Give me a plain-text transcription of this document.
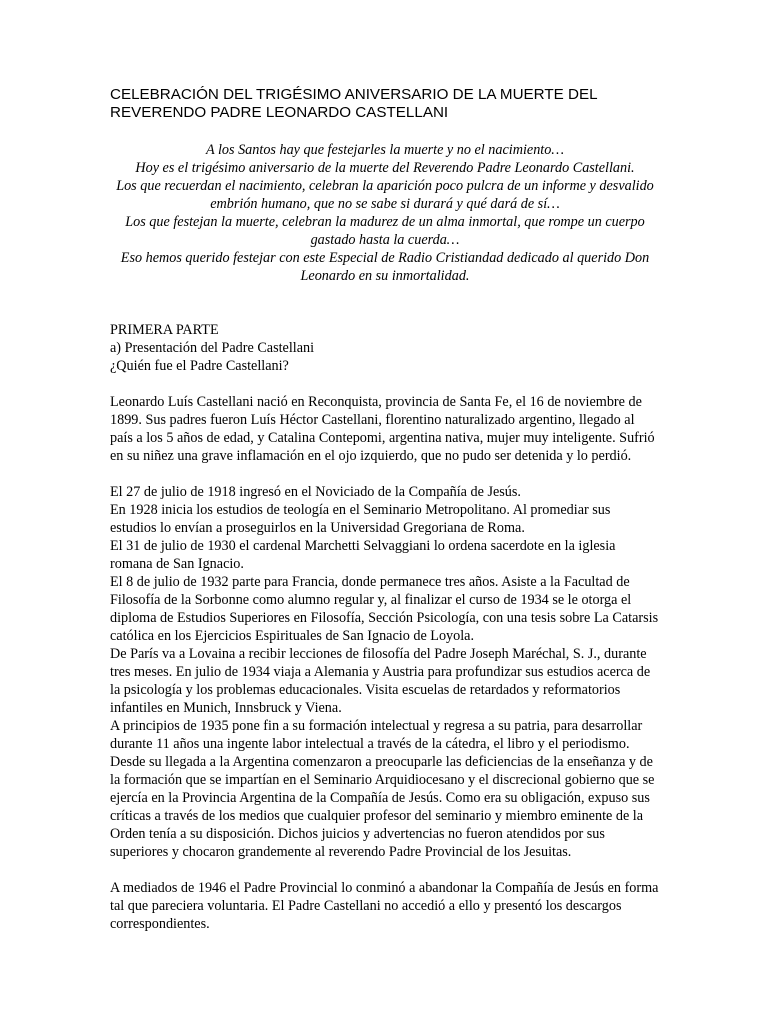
CELEBRACIÓN DEL TRIGÉSIMO ANIVERSARIO DE LA MUERTE DEL REVERENDO PADRE LEONARDO CASTELLANI

A los Santos hay que festejarles la muerte y no el nacimiento…

Hoy es el trigésimo aniversario de la muerte del Reverendo Padre Leonardo Castellani.

Los que recuerdan el nacimiento, celebran la aparición poco pulcra de un informe y desvalido embrión humano, que no se sabe si durará y qué dará de sí…

Los que festejan la muerte, celebran la madurez de un alma inmortal, que rompe un cuerpo gastado hasta la cuerda…

Eso hemos querido festejar con este Especial de Radio Cristiandad dedicado al querido Don Leonardo en su inmortalidad.

PRIMERA PARTE

a) Presentación del Padre Castellani

¿Quién fue el Padre Castellani?

Leonardo Luís Castellani nació en Reconquista, provincia de Santa Fe, el 16 de noviembre de 1899. Sus padres fueron Luís Héctor Castellani, florentino naturalizado argentino, llegado al país a los 5 años de edad, y Catalina Contepomi, argentina nativa, mujer muy inteligente. Sufrió en su niñez una grave inflamación en el ojo izquierdo, que no pudo ser detenida y lo perdió.

El 27 de julio de 1918 ingresó en el Noviciado de la Compañía de Jesús.

En 1928 inicia los estudios de teología en el Seminario Metropolitano. Al promediar sus estudios lo envían a proseguirlos en la Universidad Gregoriana de Roma.

El 31 de julio de 1930 el cardenal Marchetti Selvaggiani lo ordena sacerdote en la iglesia romana de San Ignacio.

El 8 de julio de 1932 parte para Francia, donde permanece tres años. Asiste a la Facultad de Filosofía de la Sorbonne como alumno regular y, al finalizar el curso de 1934 se le otorga el diploma de Estudios Superiores en Filosofía, Sección Psicología, con una tesis sobre La Catarsis católica en los Ejercicios Espirituales de San Ignacio de Loyola.

De París va a Lovaina a recibir lecciones de filosofía del Padre Joseph Maréchal, S. J., durante tres meses. En julio de 1934 viaja a Alemania y Austria para profundizar sus estudios acerca de la psicología y los problemas educacionales. Visita escuelas de retardados y reformatorios infantiles en Munich, Innsbruck y Viena.

A principios de 1935 pone fin a su formación intelectual y regresa a su patria, para desarrollar durante 11 años una ingente labor intelectual a través de la cátedra, el libro y el periodismo.

Desde su llegada a la Argentina comenzaron a preocuparle las deficiencias de la enseñanza y de la formación que se impartían en el Seminario Arquidiocesano y el discrecional gobierno que se ejercía en la Provincia Argentina de la Compañía de Jesús. Como era su obligación, expuso sus críticas a través de los medios que cualquier profesor del seminario y miembro eminente de la Orden tenía a su disposición. Dichos juicios y advertencias no fueron atendidos por sus superiores y chocaron grandemente al reverendo Padre Provincial de los Jesuitas.

A mediados de 1946 el Padre Provincial lo conminó a abandonar la Compañía de Jesús en forma tal que pareciera voluntaria. El Padre Castellani no accedió a ello y presentó los descargos correspondientes.
